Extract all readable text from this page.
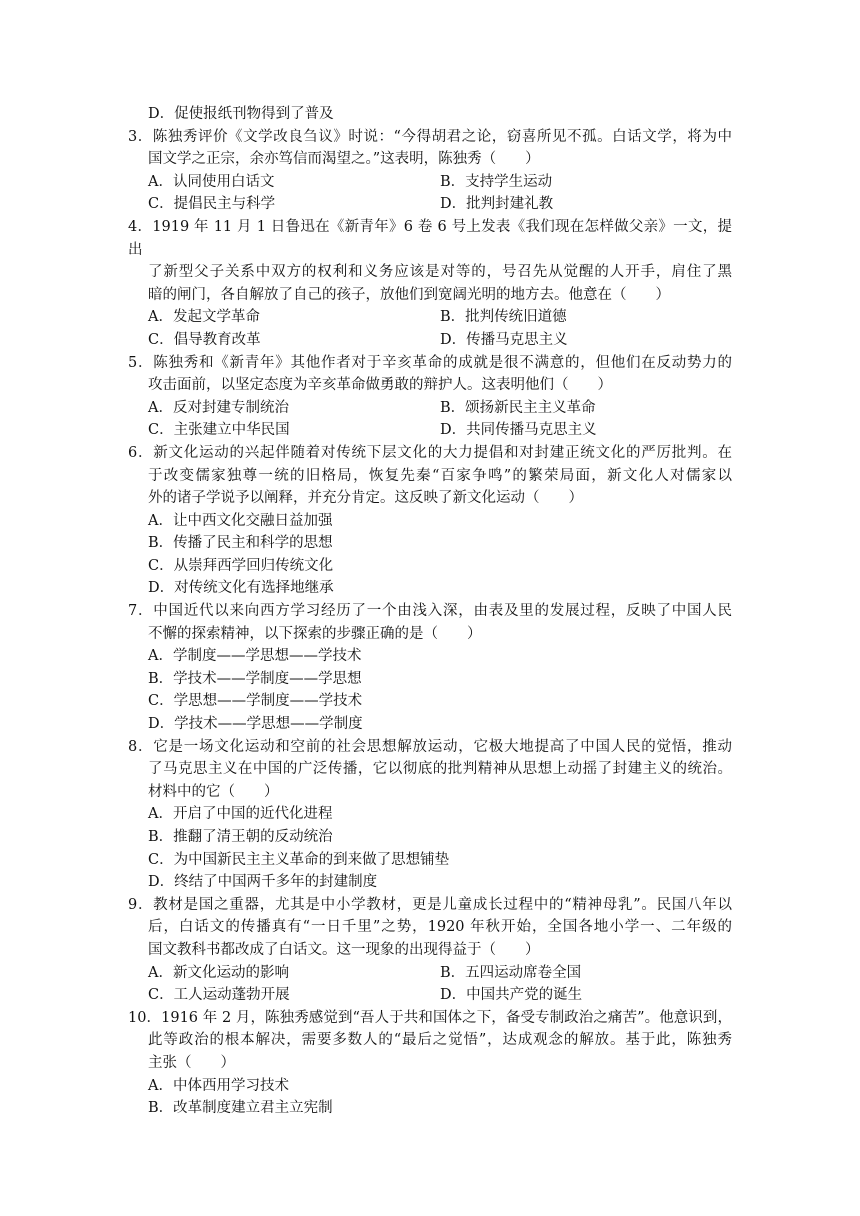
D．促使报纸刊物得到了普及
3．陈独秀评价《文学改良刍议》时说：“今得胡君之论，窃喜所见不孤。白话文学，将为中
国文学之正宗，余亦笃信而渴望之。”这表明，陈独秀（　　）
A．认同使用白话文	B．支持学生运动
C．提倡民主与科学	D．批判封建礼教
4．1919 年 11 月 1 日鲁迅在《新青年》6 卷 6 号上发表《我们现在怎样做父亲》一文，提出
了新型父子关系中双方的权利和义务应该是对等的，号召先从觉醒的人开手，肩住了黑
暗的闸门，各自解放了自己的孩子，放他们到宽阔光明的地方去。他意在（　　）
A．发起文学革命	B．批判传统旧道德
C．倡导教育改革	D．传播马克思主义
5．陈独秀和《新青年》其他作者对于辛亥革命的成就是很不满意的，但他们在反动势力的
攻击面前，以坚定态度为辛亥革命做勇敢的辩护人。这表明他们（　　）
A．反对封建专制统治	B．颂扬新民主主义革命
C．主张建立中华民国	D．共同传播马克思主义
6．新文化运动的兴起伴随着对传统下层文化的大力提倡和对封建正统文化的严厉批判。在
于改变儒家独尊一统的旧格局，恢复先秦“百家争鸣”的繁荣局面，新文化人对儒家以
外的诸子学说予以阐释，并充分肯定。这反映了新文化运动（　　）
A．让中西文化交融日益加强
B．传播了民主和科学的思想
C．从崇拜西学回归传统文化
D．对传统文化有选择地继承
7．中国近代以来向西方学习经历了一个由浅入深，由表及里的发展过程，反映了中国人民
不懈的探索精神，以下探索的步骤正确的是（　　）
A．学制度——学思想——学技术
B．学技术——学制度——学思想
C．学思想——学制度——学技术
D．学技术——学思想——学制度
8．它是一场文化运动和空前的社会思想解放运动，它极大地提高了中国人民的觉悟，推动
了马克思主义在中国的广泛传播，它以彻底的批判精神从思想上动摇了封建主义的统治。
材料中的它（　　）
A．开启了中国的近代化进程
B．推翻了清王朝的反动统治
C．为中国新民主主义革命的到来做了思想铺垫
D．终结了中国两千多年的封建制度
9．教材是国之重器，尤其是中小学教材，更是儿童成长过程中的“精神母乳”。民国八年以
后，白话文的传播真有“一日千里”之势，1920 年秋开始，全国各地小学一、二年级的
国文教科书都改成了白话文。这一现象的出现得益于（　　）
A．新文化运动的影响	B．五四运动席卷全国
C．工人运动蓬勃开展	D．中国共产党的诞生
10．1916 年 2 月，陈独秀感觉到“吾人于共和国体之下，备受专制政治之痛苦”。他意识到，
此等政治的根本解决，需要多数人的“最后之觉悟”，达成观念的解放。基于此，陈独秀
主张（　　）
A．中体西用学习技术
B．改革制度建立君主立宪制
